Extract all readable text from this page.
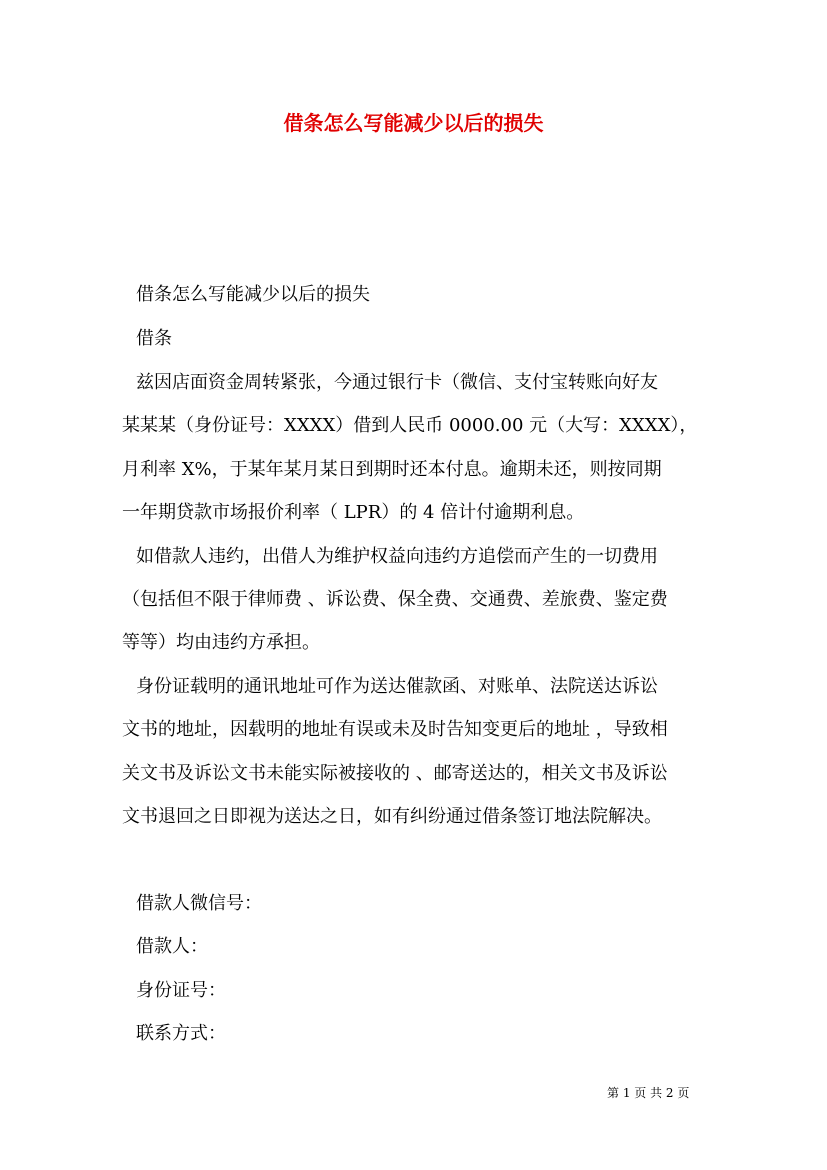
借条怎么写能减少以后的损失
借条怎么写能减少以后的损失
借条
兹因店面资金周转紧张，今通过银行卡（微信、支付宝转账向好友
某某某（身份证号：XXXX）借到人民币 0000.00 元（大写：XXXX），
月利率 X%，于某年某月某日到期时还本付息。逾期未还，则按同期
一年期贷款市场报价利率（ LPR）的 4 倍计付逾期利息。
如借款人违约，出借人为维护权益向违约方追偿而产生的一切费用
（包括但不限于律师费 、诉讼费、保全费、交通费、差旅费、鉴定费
等等）均由违约方承担。
身份证载明的通讯地址可作为送达催款函、对账单、法院送达诉讼
文书的地址，因载明的地址有误或未及时告知变更后的地址 ，导致相
关文书及诉讼文书未能实际被接收的 、邮寄送达的，相关文书及诉讼
文书退回之日即视为送达之日，如有纠纷通过借条签订地法院解决。
借款人微信号：
借款人：
身份证号：
联系方式：
第 1 页 共 2 页
